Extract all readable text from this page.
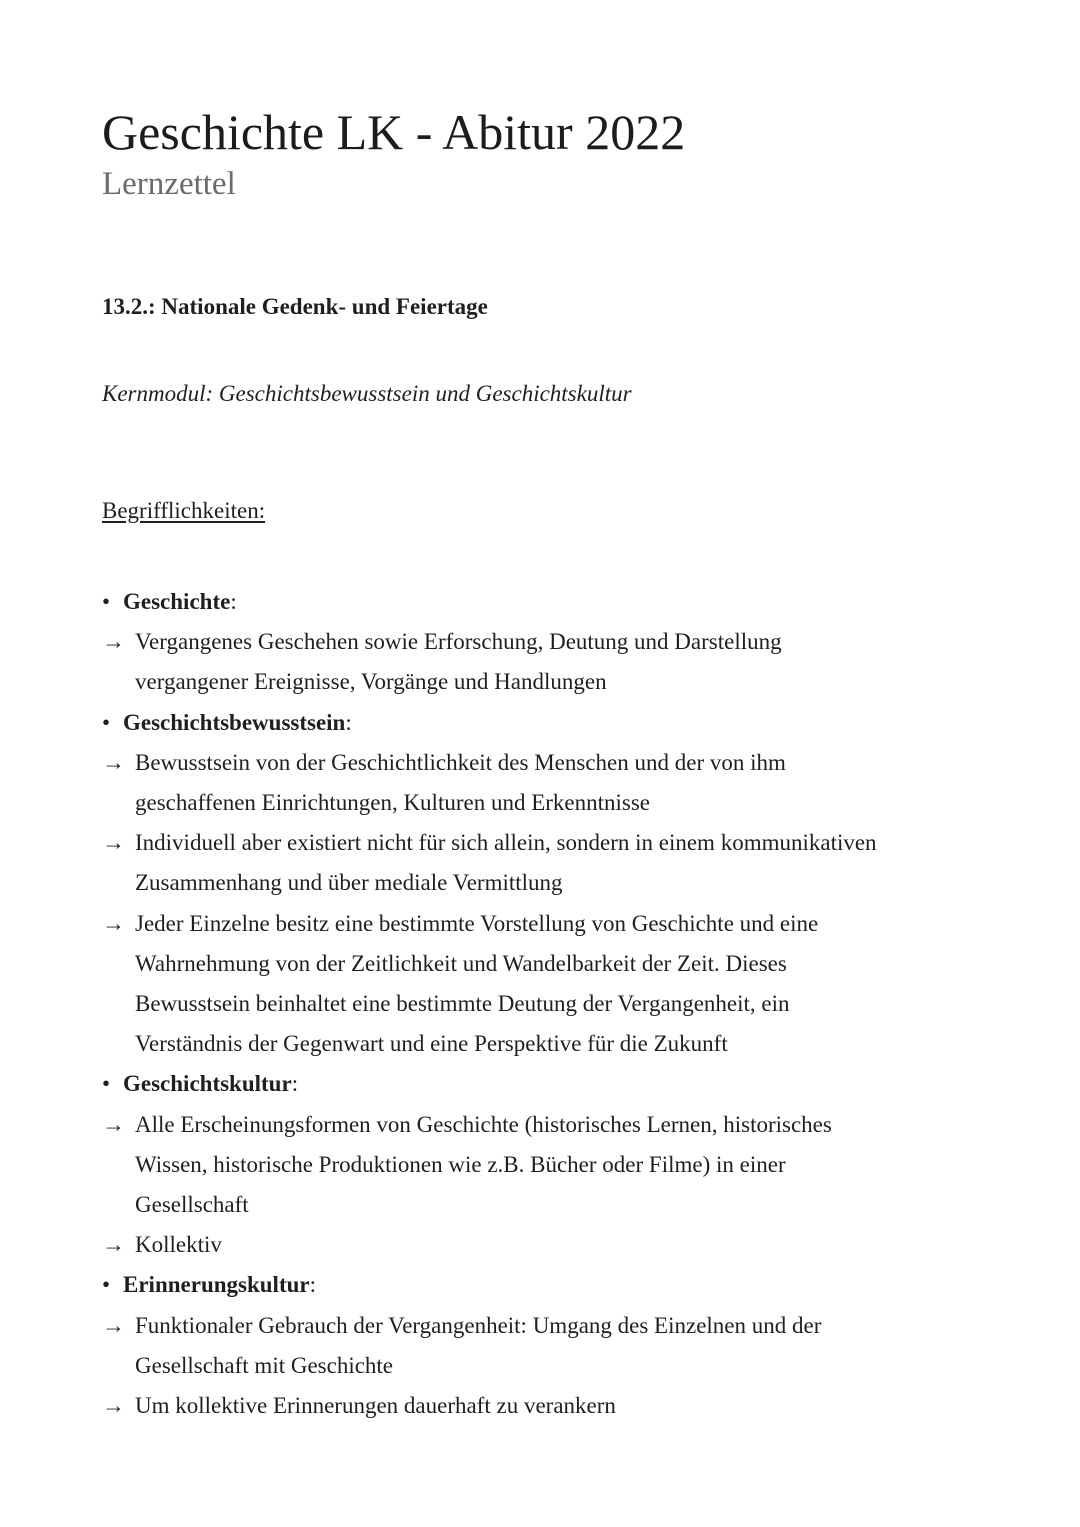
Geschichte LK - Abitur 2022
Lernzettel
13.2.: Nationale Gedenk- und Feiertage
Kernmodul: Geschichtsbewusstsein und Geschichtskultur
Begrifflichkeiten:
• Geschichte:
→ Vergangenes Geschehen sowie Erforschung, Deutung und Darstellung
vergangener Ereignisse, Vorgänge und Handlungen
• Geschichtsbewusstsein:
→ Bewusstsein von der Geschichtlichkeit des Menschen und der von ihm
geschaffenen Einrichtungen, Kulturen und Erkenntnisse
→ Individuell aber existiert nicht für sich allein, sondern in einem kommunikativen
Zusammenhang und über mediale Vermittlung
→ Jeder Einzelne besitz eine bestimmte Vorstellung von Geschichte und eine
Wahrnehmung von der Zeitlichkeit und Wandelbarkeit der Zeit. Dieses
Bewusstsein beinhaltet eine bestimmte Deutung der Vergangenheit, ein
Verständnis der Gegenwart und eine Perspektive für die Zukunft
• Geschichtskultur:
→ Alle Erscheinungsformen von Geschichte (historisches Lernen, historisches
Wissen, historische Produktionen wie z.B. Bücher oder Filme) in einer
Gesellschaft
→ Kollektiv
• Erinnerungskultur:
→ Funktionaler Gebrauch der Vergangenheit: Umgang des Einzelnen und der
Gesellschaft mit Geschichte
→ Um kollektive Erinnerungen dauerhaft zu verankern
